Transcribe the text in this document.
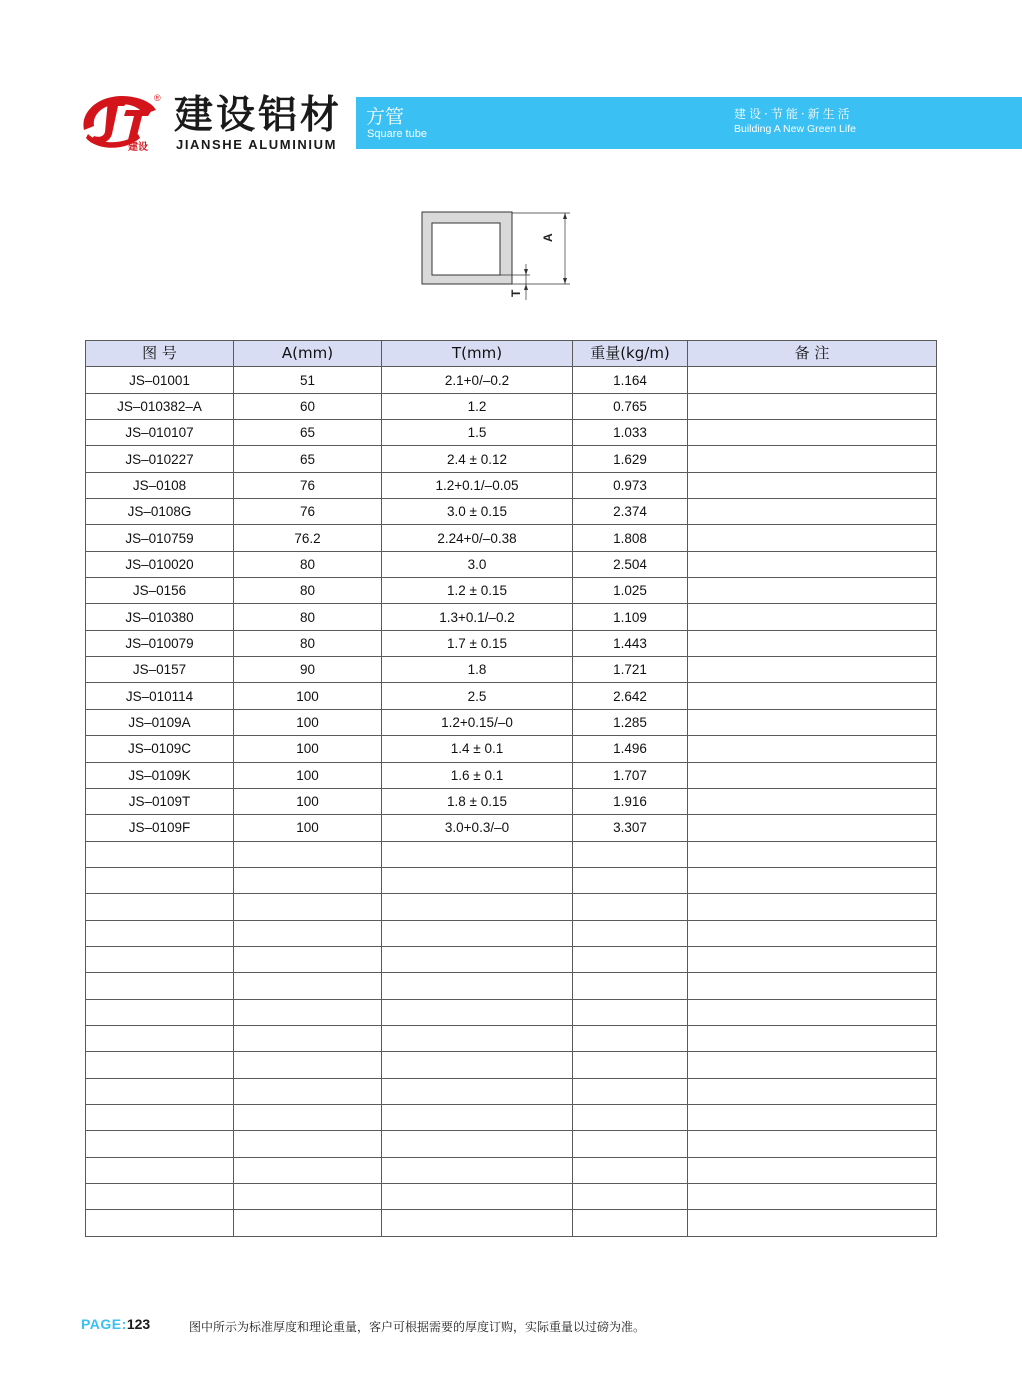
建设
® 建设铝材
JIANSHE ALUMINIUM
方管
Square tube
建设·节能·新生活
Building A New Green Life
A
T
图 号	A(mm)	T(mm)	重量(kg/m)	备 注
JS–01001	51	2.1+0/–0.2	1.164	
JS–010382–A	60	1.2	0.765	
JS–010107	65	1.5	1.033	
JS–010227	65	2.4 ± 0.12	1.629	
JS–0108	76	1.2+0.1/–0.05	0.973	
JS–0108G	76	3.0 ± 0.15	2.374	
JS–010759	76.2	2.24+0/–0.38	1.808	
JS–010020	80	3.0	2.504	
JS–0156	80	1.2 ± 0.15	1.025	
JS–010380	80	1.3+0.1/–0.2	1.109	
JS–010079	80	1.7 ± 0.15	1.443	
JS–0157	90	1.8	1.721	
JS–010114	100	2.5	2.642	
JS–0109A	100	1.2+0.15/–0	1.285	
JS–0109C	100	1.4 ± 0.1	1.496	
JS–0109K	100	1.6 ± 0.1	1.707	
JS–0109T	100	1.8 ± 0.15	1.916	
JS–0109F	100	3.0+0.3/–0	3.307	

PAGE:123	图中所示为标准厚度和理论重量，客户可根据需要的厚度订购，实际重量以过磅为准。
